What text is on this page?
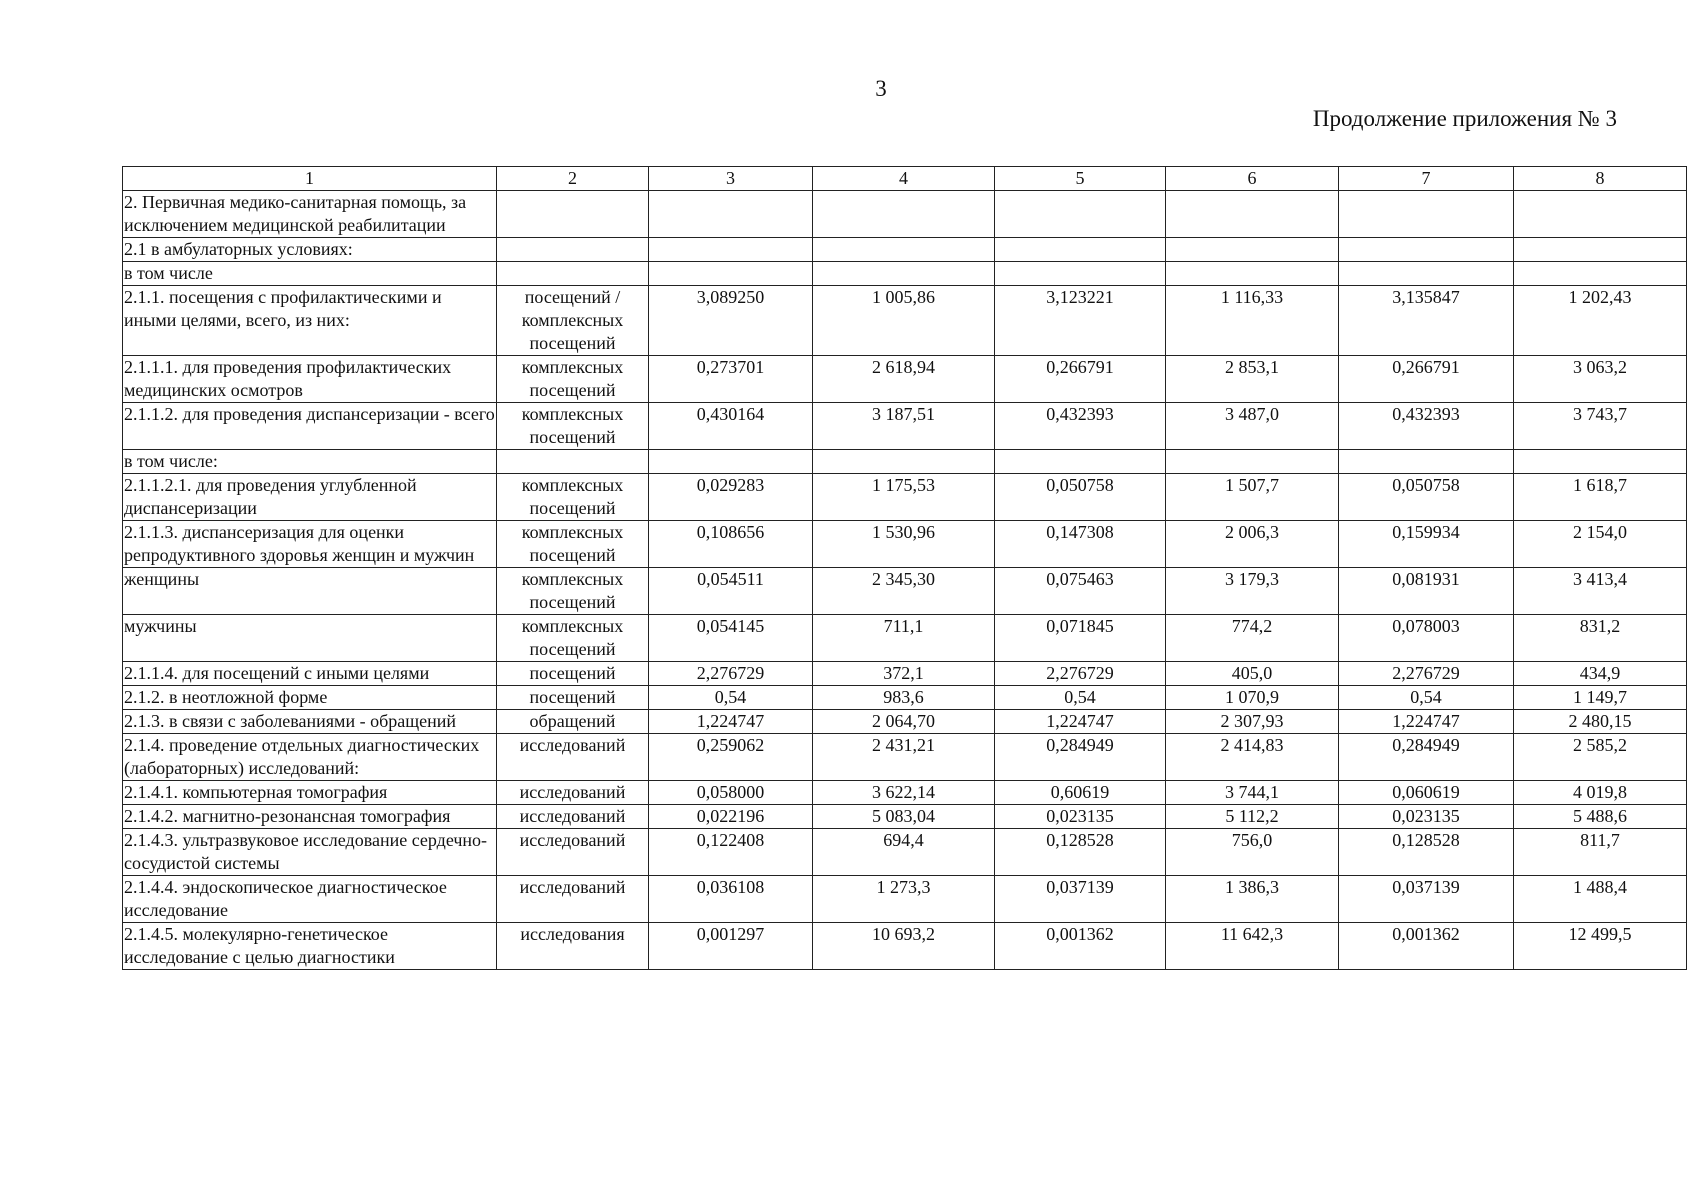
3
Продолжение приложения № 3
1	2	3	4	5	6	7	8
2. Первичная медико-санитарная помощь, за исключением медицинской реабилитации							
2.1 в амбулаторных условиях:							
в том числе							
2.1.1. посещения с профилактическими и иными целями, всего, из них:	посещений /комплексных посещений	3,089250	1 005,86	3,123221	1 116,33	3,135847	1 202,43
2.1.1.1. для проведения профилактических медицинских осмотров	комплексных посещений	0,273701	2 618,94	0,266791	2 853,1	0,266791	3 063,2
2.1.1.2. для проведения диспансеризации - всего	комплексных посещений	0,430164	3 187,51	0,432393	3 487,0	0,432393	3 743,7
в том числе:							
2.1.1.2.1. для проведения углубленной диспансеризации	комплексных посещений	0,029283	1 175,53	0,050758	1 507,7	0,050758	1 618,7
2.1.1.3. диспансеризация для оценки репродуктивного здоровья женщин и мужчин	комплексных посещений	0,108656	1 530,96	0,147308	2 006,3	0,159934	2 154,0
женщины	комплексных посещений	0,054511	2 345,30	0,075463	3 179,3	0,081931	3 413,4
мужчины	комплексных посещений	0,054145	711,1	0,071845	774,2	0,078003	831,2
2.1.1.4. для посещений с иными целями	посещений	2,276729	372,1	2,276729	405,0	2,276729	434,9
2.1.2. в неотложной форме	посещений	0,54	983,6	0,54	1 070,9	0,54	1 149,7
2.1.3. в связи с заболеваниями - обращений	обращений	1,224747	2 064,70	1,224747	2 307,93	1,224747	2 480,15
2.1.4. проведение отдельных диагностических (лабораторных) исследований:	исследований	0,259062	2 431,21	0,284949	2 414,83	0,284949	2 585,2
2.1.4.1. компьютерная томография	исследований	0,058000	3 622,14	0,60619	3 744,1	0,060619	4 019,8
2.1.4.2. магнитно-резонансная томография	исследований	0,022196	5 083,04	0,023135	5 112,2	0,023135	5 488,6
2.1.4.3. ультразвуковое исследование сердечно-сосудистой системы	исследований	0,122408	694,4	0,128528	756,0	0,128528	811,7
2.1.4.4. эндоскопическое диагностическое исследование	исследований	0,036108	1 273,3	0,037139	1 386,3	0,037139	1 488,4
2.1.4.5. молекулярно-генетическое исследование с целью диагностики	исследования	0,001297	10 693,2	0,001362	11 642,3	0,001362	12 499,5
